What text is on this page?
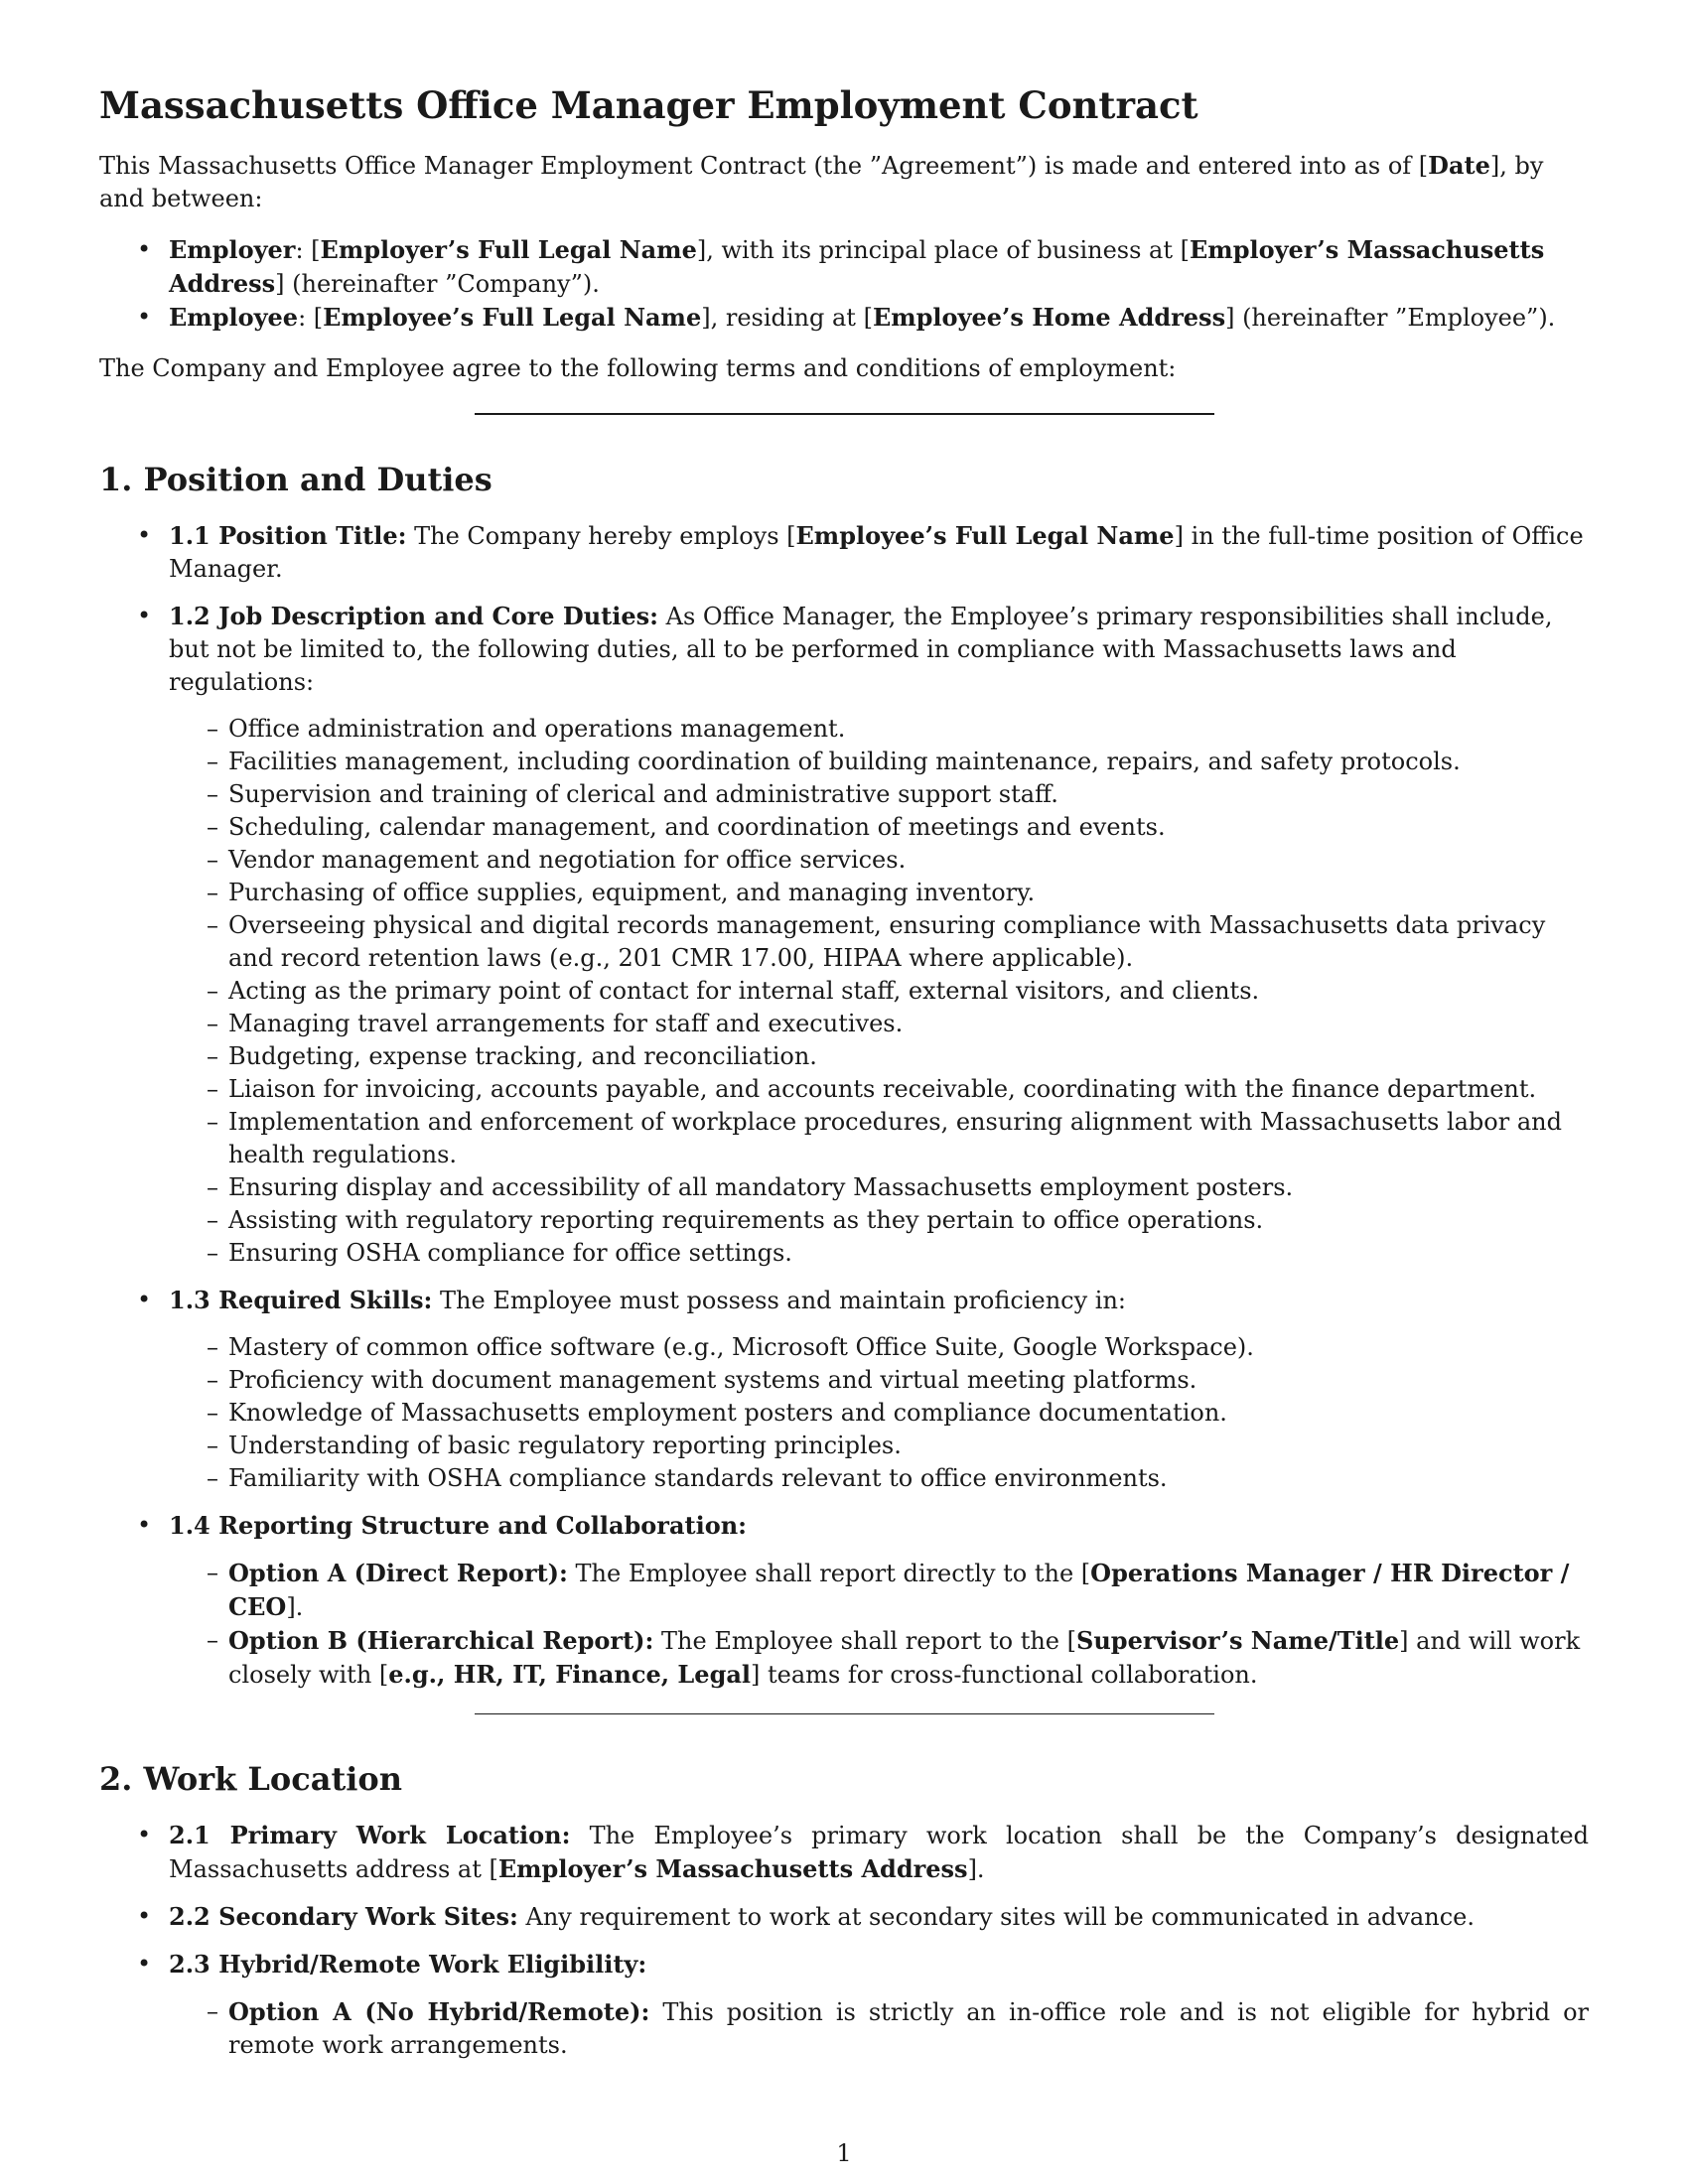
Massachusetts Office Manager Employment Contract

This Massachusetts Office Manager Employment Contract (the ”Agreement”) is made and entered into as of [Date], by and between:

• Employer: [Employer’s Full Legal Name], with its principal place of business at [Employer’s Massachusetts Address] (hereinafter ”Company”).
• Employee: [Employee’s Full Legal Name], residing at [Employee’s Home Address] (hereinafter ”Employee”).

The Company and Employee agree to the following terms and conditions of employment:

1. Position and Duties
• 1.1 Position Title: The Company hereby employs [Employee’s Full Legal Name] in the full-time position of Office Manager.
• 1.2 Job Description and Core Duties: As Office Manager, the Employee’s primary responsibilities shall include, but not be limited to, the following duties, all to be performed in compliance with Massachusetts laws and regulations:
– Office administration and operations management.
– Facilities management, including coordination of building maintenance, repairs, and safety protocols.
– Supervision and training of clerical and administrative support staff.
– Scheduling, calendar management, and coordination of meetings and events.
– Vendor management and negotiation for office services.
– Purchasing of office supplies, equipment, and managing inventory.
– Overseeing physical and digital records management, ensuring compliance with Massachusetts data privacy and record retention laws (e.g., 201 CMR 17.00, HIPAA where applicable).
– Acting as the primary point of contact for internal staff, external visitors, and clients.
– Managing travel arrangements for staff and executives.
– Budgeting, expense tracking, and reconciliation.
– Liaison for invoicing, accounts payable, and accounts receivable, coordinating with the finance department.
– Implementation and enforcement of workplace procedures, ensuring alignment with Massachusetts labor and health regulations.
– Ensuring display and accessibility of all mandatory Massachusetts employment posters.
– Assisting with regulatory reporting requirements as they pertain to office operations.
– Ensuring OSHA compliance for office settings.
• 1.3 Required Skills: The Employee must possess and maintain proficiency in:
– Mastery of common office software (e.g., Microsoft Office Suite, Google Workspace).
– Proficiency with document management systems and virtual meeting platforms.
– Knowledge of Massachusetts employment posters and compliance documentation.
– Understanding of basic regulatory reporting principles.
– Familiarity with OSHA compliance standards relevant to office environments.
• 1.4 Reporting Structure and Collaboration:
– Option A (Direct Report): The Employee shall report directly to the [Operations Manager / HR Director / CEO].
– Option B (Hierarchical Report): The Employee shall report to the [Supervisor’s Name/Title] and will work closely with [e.g., HR, IT, Finance, Legal] teams for cross-functional collaboration.
2. Work Location
• 2.1 Primary Work Location: The Employee’s primary work location shall be the Company’s designated Massachusetts address at [Employer’s Massachusetts Address].
• 2.2 Secondary Work Sites: Any requirement to work at secondary sites will be communicated in advance.
• 2.3 Hybrid/Remote Work Eligibility:
– Option A (No Hybrid/Remote): This position is strictly an in-office role and is not eligible for hybrid or remote work arrangements.
1
